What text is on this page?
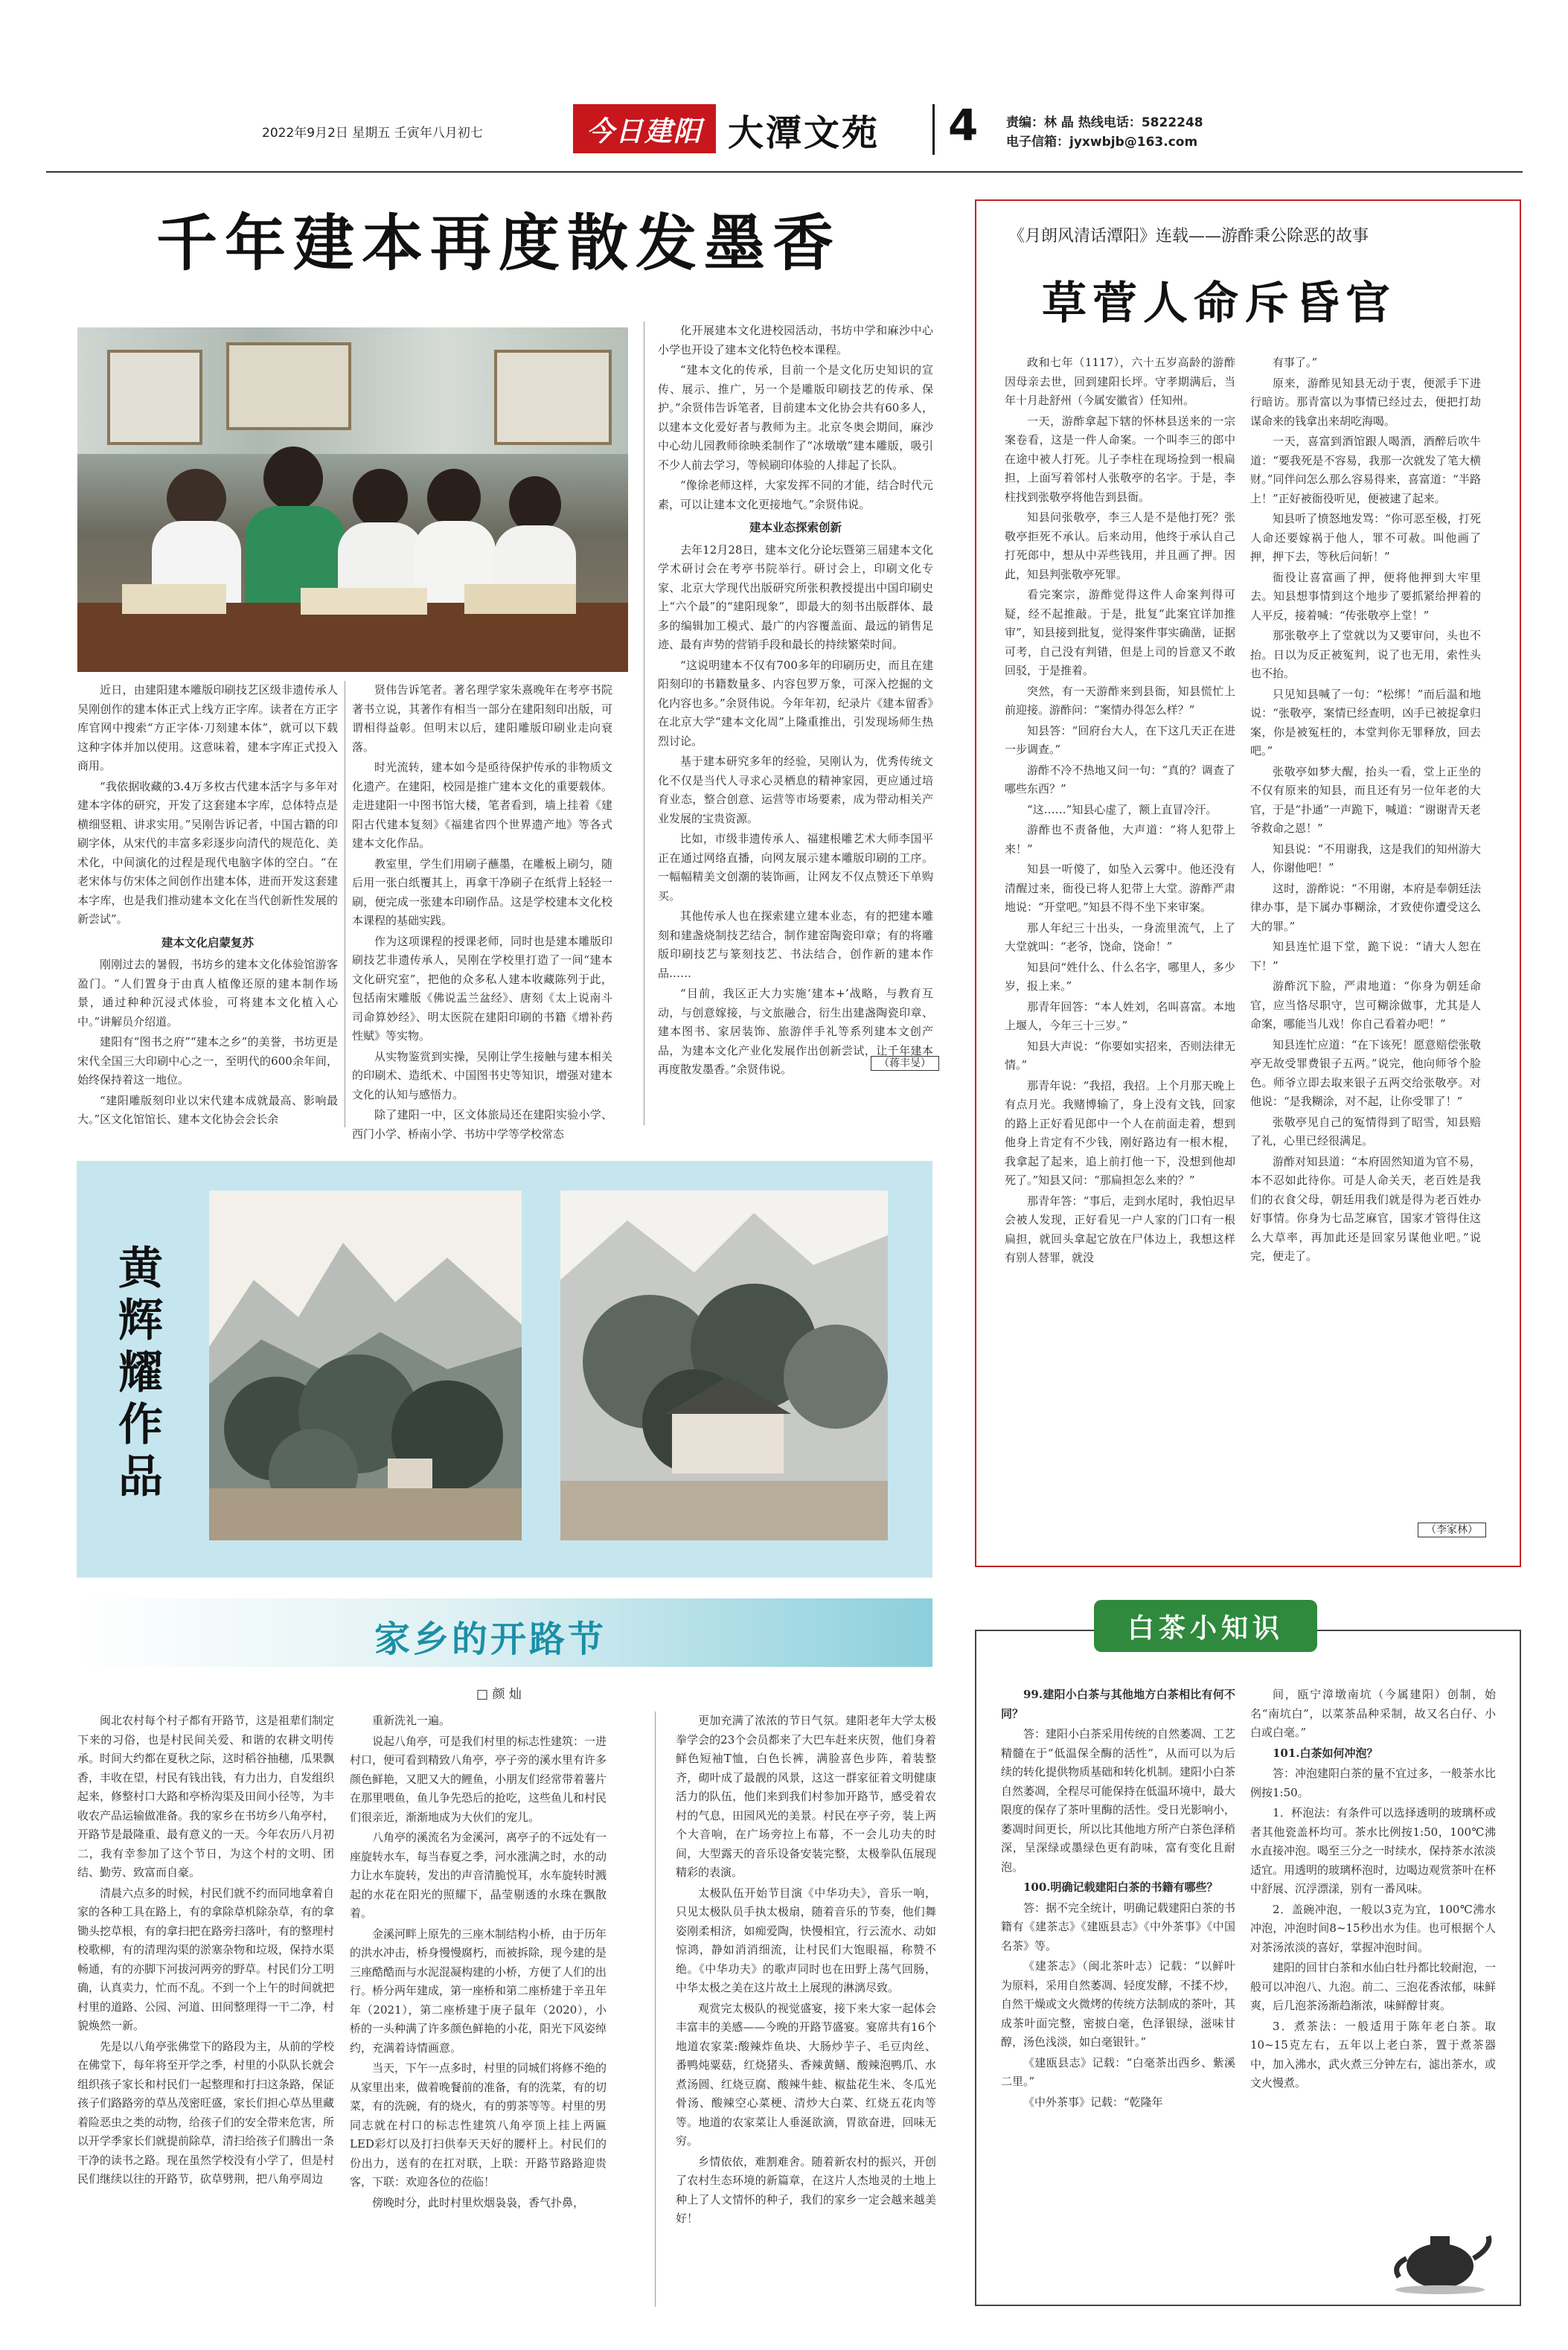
2022年9月2日 星期五 壬寅年八月初七	今日建阳 大潭文苑 4 责编：林 晶 热线电话：5822248
电子信箱：jyxwbjb@163.com
千年建本再度散发墨香

近日，由建阳建本雕版印刷技艺区级非遗传承人吴刚创作的建本体正式上线方正字库。读者在方正字库官网中搜索“方正字体·刀刻建本体”，就可以下载这种字体并加以使用。这意味着，建本字库正式投入商用。

“我依据收藏的3.4万多枚古代建本活字与多年对建本字体的研究，开发了这套建本字库，总体特点是横细竖粗、讲求实用。”吴刚告诉记者，中国古籍的印刷字体，从宋代的丰富多彩逐步向清代的规范化、美术化，中间演化的过程是现代电脑字体的空白。“在老宋体与仿宋体之间创作出建本体，进而开发这套建本字库，也是我们推动建本文化在当代创新性发展的新尝试”。

建本文化启蒙复苏

刚刚过去的暑假，书坊乡的建本文化体验馆游客盈门。“人们置身于由真人植像还原的建本制作场景，通过种种沉浸式体验，可将建本文化植入心中。”讲解员介绍道。

建阳有“图书之府”“建本之乡”的美誉，书坊更是宋代全国三大印刷中心之一，至明代的600余年间，始终保持着这一地位。

“建阳雕版刻印业以宋代建本成就最高、影响最大。”区文化馆馆长、建本文化协会会长余

贤伟告诉笔者。著名理学家朱熹晚年在考亭书院著书立说，其著作有相当一部分在建阳刻印出版，可谓相得益彰。但明末以后，建阳雕版印刷业走向衰落。

时光流转，建本如今是亟待保护传承的非物质文化遗产。在建阳，校园是推广建本文化的重要载体。走进建阳一中图书馆大楼，笔者看到，墙上挂着《建阳古代建本复刻》《福建省四个世界遗产地》等各式建本文化作品。

教室里，学生们用刷子蘸墨，在雕板上刷匀，随后用一张白纸覆其上，再拿干净刷子在纸背上轻轻一刷，便完成一张建本印刷作品。这是学校建本文化校本课程的基础实践。

作为这项课程的授课老师，同时也是建本雕版印刷技艺非遗传承人，吴刚在学校里打造了一间“建本文化研究室”，把他的众多私人建本收藏陈列于此，包括南宋雕版《佛说盂兰盆经》、唐刻《太上说南斗司命算妙经》、明太医院在建阳印刷的书籍《增补药性赋》等实物。

从实物鉴赏到实操，吴刚让学生接触与建本相关的印刷术、造纸术、中国图书史等知识，增强对建本文化的认知与感悟力。

除了建阳一中，区文体旅局还在建阳实验小学、西门小学、桥南小学、书坊中学等学校常态

化开展建本文化进校园活动，书坊中学和麻沙中心小学也开设了建本文化特色校本课程。

“建本文化的传承，目前一个是文化历史知识的宣传、展示、推广，另一个是雕版印刷技艺的传承、保护。”余贤伟告诉笔者，目前建本文化协会共有60多人，以建本文化爱好者与教师为主。北京冬奥会期间，麻沙中心幼儿园教师徐映柔制作了“冰墩墩”建本雕版，吸引不少人前去学习，等候刷印体验的人排起了长队。

“像徐老师这样，大家发挥不同的才能，结合时代元素，可以让建本文化更接地气。”余贤伟说。

建本业态探索创新

去年12月28日，建本文化分论坛暨第三届建本文化学术研讨会在考亭书院举行。研讨会上，印刷文化专家、北京大学现代出版研究所张积教授提出中国印刷史上“六个最”的“建阳现象”，即最大的刻书出版群体、最多的编辑加工模式、最广的内容覆盖面、最远的销售足迹、最有声势的营销手段和最长的持续繁荣时间。

“这说明建本不仅有700多年的印刷历史，而且在建阳刻印的书籍数量多、内容包罗万象，可深入挖掘的文化内容也多。”余贤伟说。今年年初，纪录片《建本留香》在北京大学“建本文化周”上隆重推出，引发现场师生热烈讨论。

基于建本研究多年的经验，吴刚认为，优秀传统文化不仅是当代人寻求心灵栖息的精神家园，更应通过培育业态，整合创意、运营等市场要素，成为带动相关产业发展的宝贵资源。

比如，市级非遗传承人、福建根雕艺术大师李国平正在通过网络直播，向网友展示建本雕版印刷的工序。一幅幅精美文创潮的装饰画，让网友不仅点赞还下单购买。

其他传承人也在探索建立建本业态，有的把建本雕刻和建盏烧制技艺结合，制作建窑陶瓷印章；有的将雕版印刷技艺与篆刻技艺、书法结合，创作新的建本作品……

“目前，我区正大力实施‘建本+’战略，与教育互动，与创意嫁接，与文旅融合，衍生出建盏陶瓷印章、建本图书、家居装饰、旅游伴手礼等系列建本文创产品，为建本文化产业化发展作出创新尝试，让千年建本再度散发墨香。”余贤伟说。	（蒋丰旻）
黄辉耀作品
《月朗风清话潭阳》连载——游酢秉公除恶的故事
草菅人命斥昏官

政和七年（1117），六十五岁高龄的游酢因母亲去世，回到建阳长坪。守孝期满后，当年十月赴舒州（今属安徽省）任知州。

一天，游酢拿起下辖的怀林县送来的一宗案卷看，这是一件人命案。一个叫李三的郎中在途中被人打死。儿子李柱在现场捡到一根扁担，上面写着邻村人张敬亭的名字。于是，李柱找到张敬亭将他告到县衙。

知县问张敬亭，李三人是不是他打死？张敬亭拒死不承认。后来动用，他终于承认自己打死郎中，想从中弄些钱用，并且画了押。因此，知县判张敬亭死罪。

看完案宗，游酢觉得这件人命案判得可疑，经不起推敲。于是，批复“此案宜详加推审”，知县接到批复，觉得案件事实确凿，证据可考，自己没有判错，但是上司的旨意又不敢回驳，于是推着。

突然，有一天游酢来到县衙，知县慌忙上前迎接。游酢问：“案情办得怎么样？”

知县答：“回府台大人，在下这几天正在进一步调查。”

游酢不冷不热地又问一句：“真的？调查了哪些东西？”

“这……”知县心虚了，额上直冒冷汗。

游酢也不责备他，大声道：“将人犯带上来！”

知县一听傻了，如坠入云雾中。他还没有清醒过来，衙役已将人犯带上大堂。游酢严肃地说：“开堂吧。”知县不得不坐下来审案。

那人年纪三十出头，一身流里流气，上了大堂就叫：“老爷，饶命，饶命！”

知县问“姓什么、什么名字，哪里人，多少岁，报上来。”

那青年回答：“本人姓刘，名叫喜富。本地上堰人，今年三十三岁。”

知县大声说：“你要如实招来，否则法律无情。”

那青年说：“我招，我招。上个月那天晚上有点月光。我赌博输了，身上没有文钱，回家的路上正好看见郎中一个人在前面走着，想到他身上肯定有不少钱，刚好路边有一根木棍，我拿起了起来，追上前打他一下，没想到他却死了。”知县又问：“那扁担怎么来的？”

那青年答：“事后，走到水尾时，我怕迟早会被人发现，正好看见一户人家的门口有一根扁担，就回头拿起它放在尸体边上，我想这样有别人替罪，就没

有事了。”

原来，游酢见知县无动于衷，便派手下进行暗访。那青富以为事情已经过去，便把打劫谋命来的钱拿出来胡吃海喝。

一天，喜富到酒馆跟人喝酒，酒醉后吹牛道：“要我死是不容易，我那一次就发了笔大横财。”同伴问怎么那么容易得来，喜富道：“半路上！”正好被衙役听见，便被逮了起来。

知县听了愤怒地发骂：“你可恶至极，打死人命还要嫁祸于他人，罪不可赦。叫他画了押，押下去，等秋后问斩！”

衙役让喜富画了押，便将他押到大牢里去。知县想事情到这个地步了要抓紧给押着的人平反，接着喊：“传张敬亭上堂！”

那张敬亭上了堂就以为又要审问，头也不抬。日以为反正被冤判，说了也无用，索性头也不抬。

只见知县喊了一句：“松绑！”而后温和地说：“张敬亭，案情已经查明，凶手已被捉拿归案，你是被冤枉的，本堂判你无罪释放，回去吧。”

张敬亭如梦大醒，抬头一看，堂上正坐的不仅有原来的知县，而且还有另一位年老的大官，于是“扑通”一声跪下，喊道：“谢谢青天老爷救命之恩！”

知县说：“不用谢我，这是我们的知州游大人，你谢他吧！”

这时，游酢说：“不用谢，本府是奉朝廷法律办事，是下属办事糊涂，才致使你遭受这么大的罪。”

知县连忙退下堂，跪下说：“请大人恕在下！”

游酢沉下脸，严肃地道：“你身为朝廷命官，应当恪尽职守，岂可糊涂做事，尤其是人命案，哪能当儿戏！你自己看着办吧！”

知县连忙应道：“在下该死！愿意赔偿张敬亭无故受罪费银子五两。”说完，他向师爷个脸色。师爷立即去取来银子五两交给张敬亭。对他说：“是我糊涂，对不起，让你受罪了！”

张敬亭见自己的冤情得到了昭雪，知县赔了礼，心里已经很满足。

游酢对知县道：“本府固然知道为官不易，本不忍如此待你。可是人命关天，老百姓是我们的衣食父母，朝廷用我们就是得为老百姓办好事情。你身为七品芝麻官，国家才管得住这么大草率，再加此还是回家另谋他业吧。”说完，便走了。

（李家林）
家乡的开路节
□ 颜 灿

闽北农村每个村子都有开路节，这是祖辈们制定下来的习俗，也是村民间关爱、和谐的农耕文明传承。时间大约都在夏秋之际，这时稻谷抽穗，瓜果飘香，丰收在望，村民有钱出钱，有力出力，自发组织起来，修整村口大路和亭桥沟渠及田间小径等，为丰收农产品运输做准备。我的家乡在书坊乡八角亭村，开路节是最隆重、最有意义的一天。今年农历八月初二，我有幸参加了这个节日，为这个村的文明、团结、勤劳、致富而自豪。

清晨六点多的时候，村民们就不约而同地拿着自家的各种工具在路上，有的拿除草机除杂草，有的拿锄头挖草根，有的拿扫把在路旁扫落叶，有的整理村校歌柳，有的清理沟渠的淤塞杂物和垃圾，保持水渠畅通，有的亦脚下河拔河两旁的野草。村民们分工明确，认真卖力，忙而不乱。不到一个上午的时间就把村里的道路、公园、河道、田间整理得一干二净，村貌焕然一新。

先是以八角亭张佛堂下的路段为主，从前的学校在佛堂下，每年将至开学之季，村里的小队队长就会组织孩子家长和村民们一起整理和打扫这条路，保证孩子们路路旁的草丛茂密旺盛，家长们担心草丛里藏着险恶虫之类的动物，给孩子们的安全带来危害，所以开学季家长们就提前除草，清扫给孩子们腾出一条干净的读书之路。现在虽然学校没有小学了，但是村民们继续以往的开路节，砍草劈荆，把八角亭周边

重新洗礼一遍。

说起八角亭，可是我们村里的标志性建筑：一进村口，便可看到精致八角亭，亭子旁的溪水里有许多颜色鲜艳，又肥又大的鲤鱼，小朋友们经常带着薯片在那里喂鱼，鱼儿争先恐后的抢吃，这些鱼儿和村民们很亲近，渐渐地成为大伙们的宠儿。

八角亭的溪流名为金溪河，离亭子的不远处有一座旋转水车，每当春夏之季，河水涨满之时，水的动力让水车旋转，发出的声音清脆悦耳，水车旋转时溅起的水花在阳光的照耀下，晶莹剔透的水珠在飘散着。

金溪河畔上原先的三座木制结构小桥，由于历年的洪水冲击，桥身慢慢腐朽，而被拆除，现今建的是三座酷酷而与水泥混凝构建的小桥，方便了人们的出行。桥分两年建成，第一座桥和第二座桥建于辛丑年年（2021），第二座桥建于庚子鼠年（2020），小桥的一头种满了许多颜色鲜艳的小花，阳光下风姿绰约，充满着诗情画意。

当天，下午一点多时，村里的同城们将修不绝的从家里出来，做着晚餐前的准备，有的洗菜，有的切菜，有的洗碗，有的烧火，有的剪茶等等。村里的男同志就在村口的标志性建筑八角亭顶上挂上两匾LED彩灯以及打扫供奉天天好的腰杆上。村民们的份出力，送有的在扛对联，上联：开路节路路迎贵客，下联：欢迎各位的莅临！

傍晚时分，此时村里炊烟袅袅，香气扑鼻，

更加充满了浓浓的节日气氛。建阳老年大学太极拳学会的23个会员都来了大巴车赶来庆贺，他们身着鲜色短袖T恤，白色长裤，满脸喜色步阵，着装整齐，砌叶成了最靓的风景，这这一群家征着文明健康活力的队伍，他们来到我们村参加开路节，感受着农村的气息，田园风光的美景。村民在亭子旁，装上两个大音响，在广场旁拉上布幕，不一会儿功夫的时间，大型露天的音乐设备安装完整，太极拳队伍展现精彩的表演。

太极队伍开始节目演《中华功夫》，音乐一响，只见太极队员手执太极扇，随着音乐的节奏，他们舞姿刚柔相济，如痴爱陶，快慢相宜，行云流水、动如惊鸿，静如消消细流，让村民们大饱眼福，称赞不绝。《中华功夫》的歌声同时也在田野上荡气回肠，中华太极之美在这片故土上展现的淋漓尽致。

观赏完太极队的视觉盛宴，接下来大家一起体会丰富丰的美感——今晚的开路节盛宴。宴席共有16个地道农家菜:酸辣炸鱼块、大肠炒芋子、毛豆肉丝、番鸭炖粟菇，红烧猪头、香辣黄鳝、酸辣泡鸭爪、水煮汤圆、红烧豆腐、酸辣牛蛙、椒盐花生米、冬瓜光骨汤、酸辣空心菜梗、清炒大白菜、红烧五花肉等等。地道的农家菜让人垂涎欲滴，胃欲奋进，回味无穷。

乡情依依，难割难舍。随着新农村的振兴，开创了农村生态环境的新篇章，在这片人杰地灵的土地上种上了人文情怀的种子，我们的家乡一定会越来越美好！

白茶小知识

99.建阳小白茶与其他地方白茶相比有何不同？

答：建阳小白茶采用传统的自然萎凋、工艺精髓在于“低温保全酶的活性”，从而可以为后续的转化提供物质基础和转化机制。建阳小白茶自然萎凋，全程尽可能保持在低温环境中，最大限度的保存了茶叶里酶的活性。受日光影响小，萎凋时间更长，所以比其他地方所产白茶色泽稍深，呈深绿或墨绿色更有韵味，富有变化且耐泡。

100.明确记载建阳白茶的书籍有哪些？

答：据不完全统计，明确记载建阳白茶的书籍有《建茶志》《建瓯县志》《中外茶事》《中国名茶》等。

《建茶志》（闽北茶叶志）记载：“以鲜叶为原料，采用自然萎凋、轻度发酵，不揉不炒，自然干燥或文火微烤的传统方法制成的茶叶，其成茶叶面完整，密披白毫，色泽银绿，滋味甘醇，汤色浅淡，如白毫银针。”

《建瓯县志》记载：“白毫茶出西乡、紫溪二里。”

《中外茶事》记载：“乾隆年

间，瓯宁漳墩南坑（今属建阳）创制，始名“南坑白”，以菜茶品种采制，故又名白仔、小白或白毫。”

101.白茶如何冲泡？

答：冲泡建阳白茶的量不宜过多，一般茶水比例按1:50。

1．杯泡法：有条件可以选择透明的玻璃杯或者其他瓷盖杯均可。茶水比例按1:50，100℃沸水直接冲泡。喝至三分之一时续水，保持茶水浓淡适宜。用透明的玻璃杯泡时，边喝边观赏茶叶在杯中舒展、沉浮漂漾，别有一番风味。

2．盖碗冲泡，一般以3克为宜，100℃沸水冲泡，冲泡时间8~15秒出水为佳。也可根据个人对茶汤浓淡的喜好，掌握冲泡时间。

建阳的回甘白茶和水仙白牡丹都比较耐泡，一般可以冲泡八、九泡。前二、三泡花香浓郁，味鲜爽，后几泡茶汤渐趋渐浓，味鲜醇甘爽。

3．煮茶法：一般适用于陈年老白茶。取10~15克左右，五年以上老白茶，置于煮茶器中，加入沸水，武火煮三分钟左右，滤出茶水，或文火慢煮。
